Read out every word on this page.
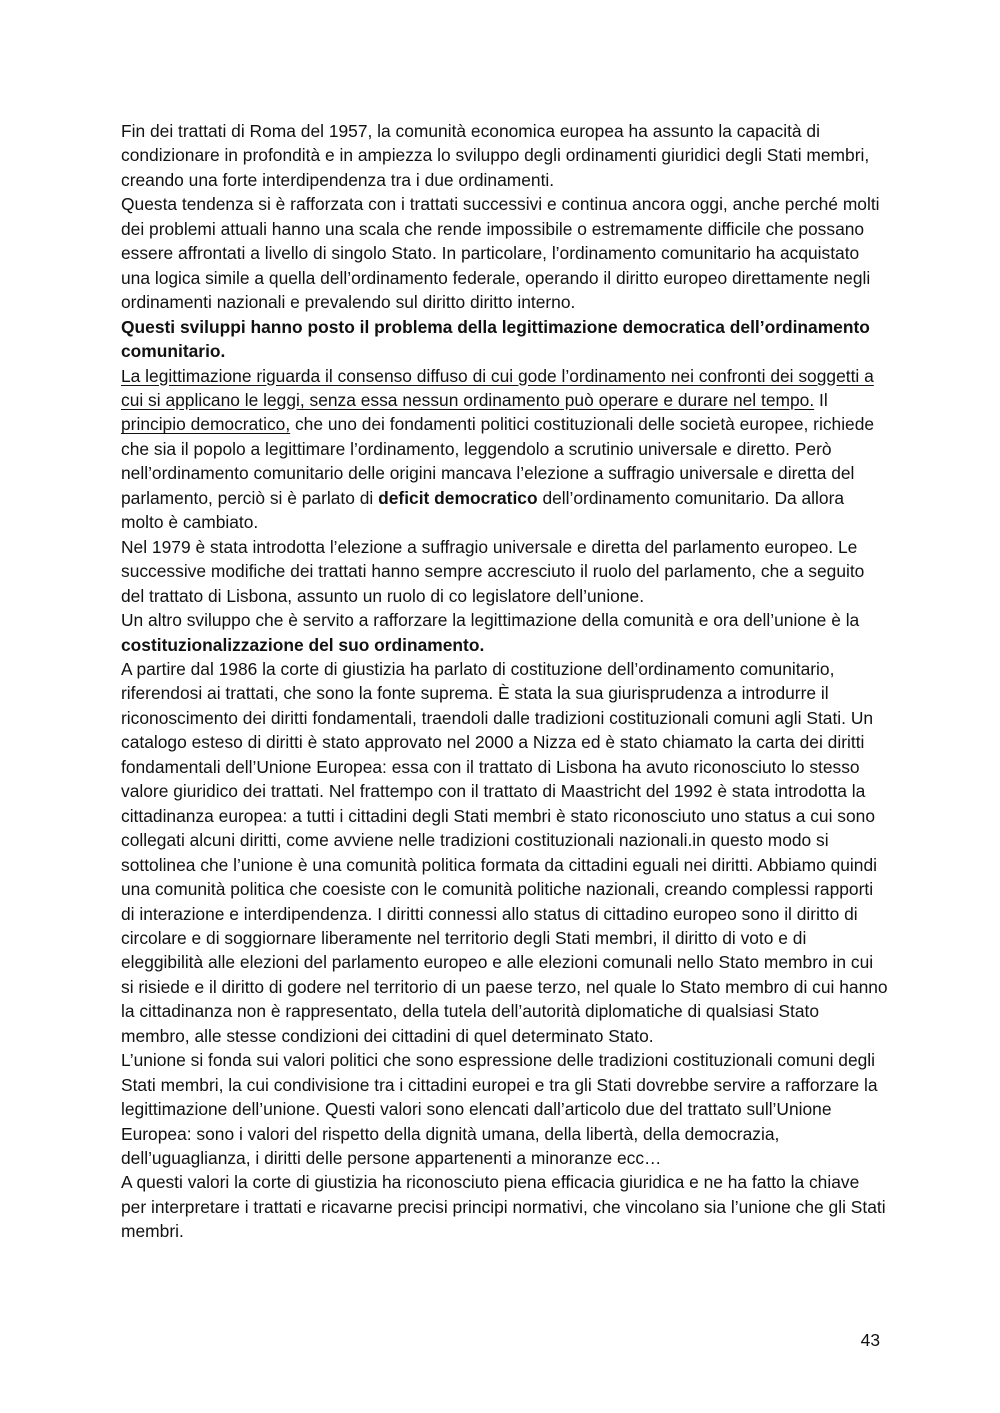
Fin dei trattati di Roma del 1957, la comunità economica europea ha assunto la capacità di condizionare in profondità e in ampiezza lo sviluppo degli ordinamenti giuridici degli Stati membri, creando una forte interdipendenza tra i due ordinamenti.

Questa tendenza si è rafforzata con i trattati successivi e continua ancora oggi, anche perché molti dei problemi attuali hanno una scala che rende impossibile o estremamente difficile che possano essere affrontati a livello di singolo Stato. In particolare, l’ordinamento comunitario ha acquistato una logica simile a quella dell’ordinamento federale, operando il diritto europeo direttamente negli ordinamenti nazionali e prevalendo sul diritto diritto interno.

Questi sviluppi hanno posto il problema della legittimazione democratica dell’ordinamento comunitario.

La legittimazione riguarda il consenso diffuso di cui gode l’ordinamento nei confronti dei soggetti a cui si applicano le leggi, senza essa nessun ordinamento può operare e durare nel tempo. Il principio democratico, che uno dei fondamenti politici costituzionali delle società europee, richiede che sia il popolo a legittimare l’ordinamento, leggendolo a scrutinio universale e diretto. Però nell’ordinamento comunitario delle origini mancava l’elezione a suffragio universale e diretta del parlamento, perciò si è parlato di deficit democratico dell’ordinamento comunitario. Da allora molto è cambiato.

Nel 1979 è stata introdotta l’elezione a suffragio universale e diretta del parlamento europeo. Le successive modifiche dei trattati hanno sempre accresciuto il ruolo del parlamento, che a seguito del trattato di Lisbona, assunto un ruolo di co legislatore dell’unione.

Un altro sviluppo che è servito a rafforzare la legittimazione della comunità e ora dell’unione è la costituzionalizzazione del suo ordinamento.

A partire dal 1986 la corte di giustizia ha parlato di costituzione dell’ordinamento comunitario, riferendosi ai trattati, che sono la fonte suprema. È stata la sua giurisprudenza a introdurre il riconoscimento dei diritti fondamentali, traendoli dalle tradizioni costituzionali comuni agli Stati. Un catalogo esteso di diritti è stato approvato nel 2000 a Nizza ed è stato chiamato la carta dei diritti fondamentali dell’Unione Europea: essa con il trattato di Lisbona ha avuto riconosciuto lo stesso valore giuridico dei trattati. Nel frattempo con il trattato di Maastricht del 1992 è stata introdotta la cittadinanza europea: a tutti i cittadini degli Stati membri è stato riconosciuto uno status a cui sono collegati alcuni diritti, come avviene nelle tradizioni costituzionali nazionali.in questo modo si sottolinea che l’unione è una comunità politica formata da cittadini eguali nei diritti. Abbiamo quindi una comunità politica che coesiste con le comunità politiche nazionali, creando complessi rapporti di interazione e interdipendenza. I diritti connessi allo status di cittadino europeo sono il diritto di circolare e di soggiornare liberamente nel territorio degli Stati membri, il diritto di voto e di eleggibilità alle elezioni del parlamento europeo e alle elezioni comunali nello Stato membro in cui si risiede e il diritto di godere nel territorio di un paese terzo, nel quale lo Stato membro di cui hanno la cittadinanza non è rappresentato, della tutela dell’autorità diplomatiche di qualsiasi Stato membro, alle stesse condizioni dei cittadini di quel determinato Stato.

L’unione si fonda sui valori politici che sono espressione delle tradizioni costituzionali comuni degli Stati membri, la cui condivisione tra i cittadini europei e tra gli Stati dovrebbe servire a rafforzare la legittimazione dell’unione. Questi valori sono elencati dall’articolo due del trattato sull’Unione Europea: sono i valori del rispetto della dignità umana, della libertà, della democrazia, dell’uguaglianza, i diritti delle persone appartenenti a minoranze ecc…

A questi valori la corte di giustizia ha riconosciuto piena efficacia giuridica e ne ha fatto la chiave per interpretare i trattati e ricavarne precisi principi normativi, che vincolano sia l’unione che gli Stati membri.

43
